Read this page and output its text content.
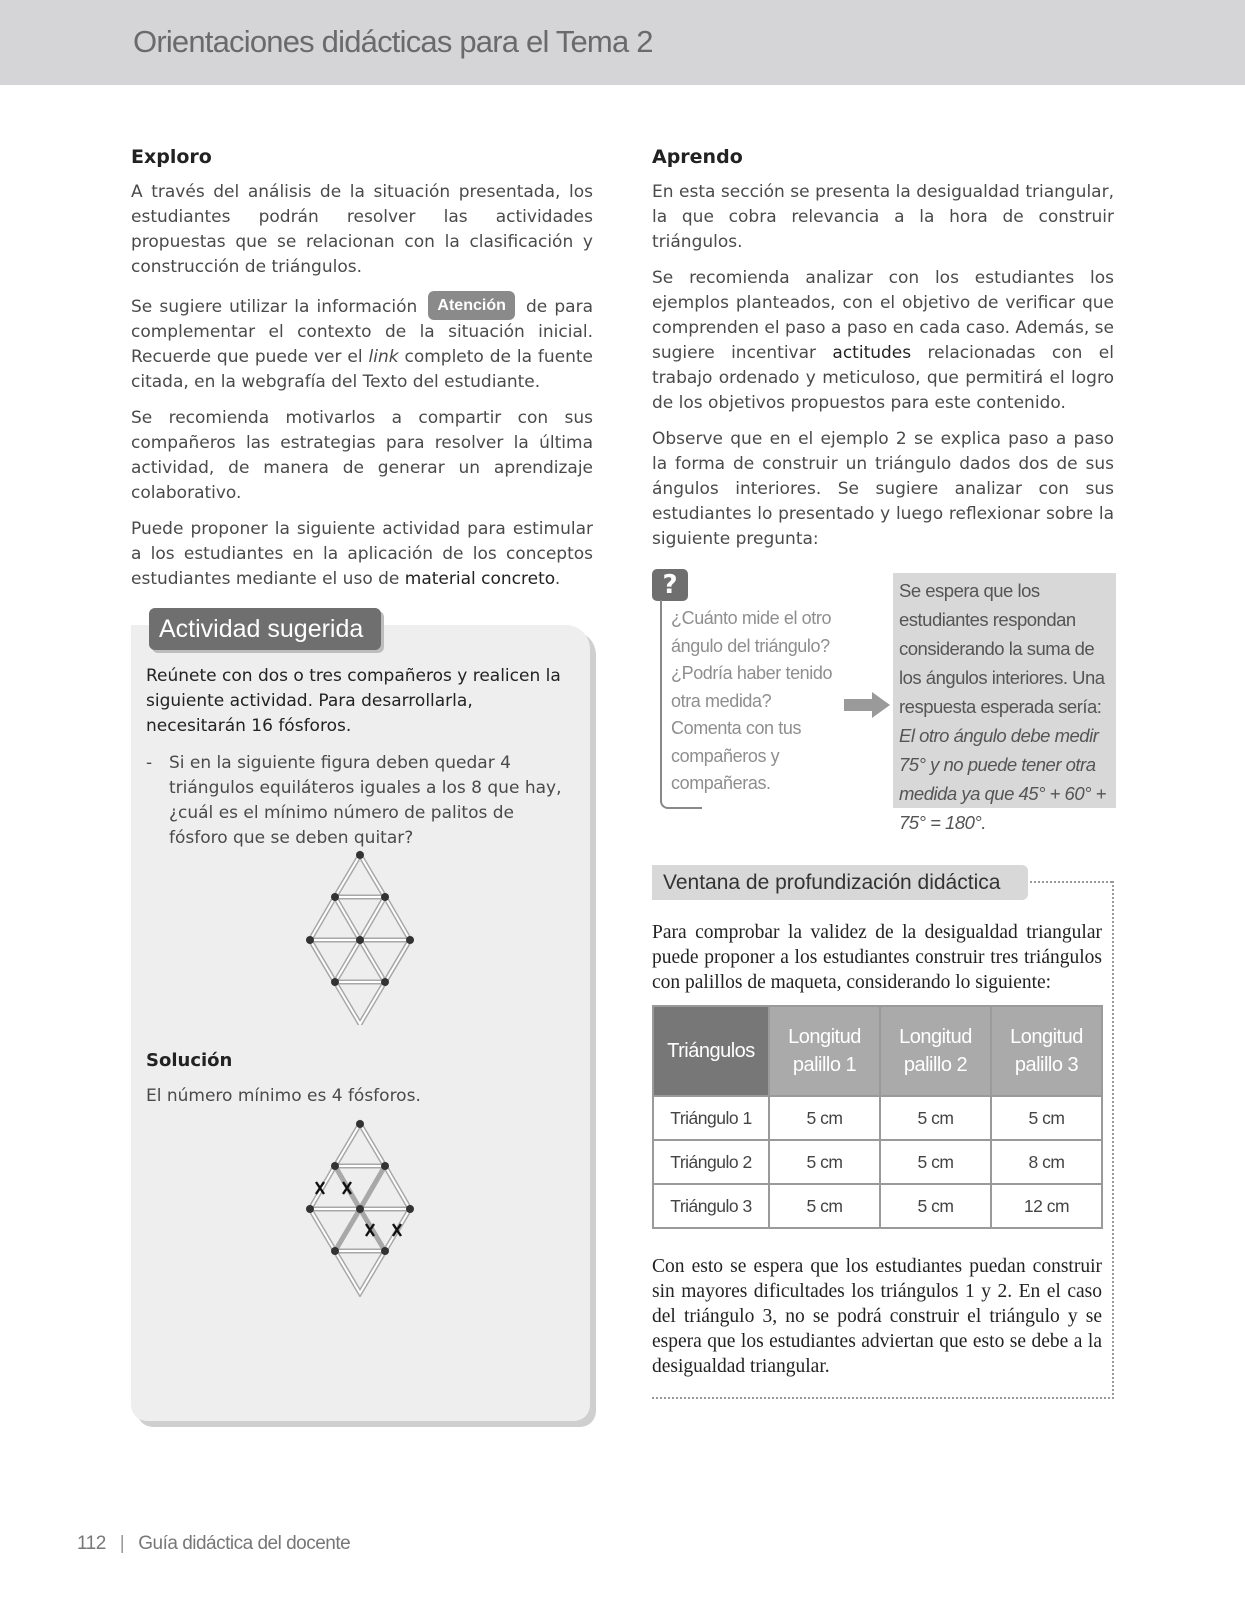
Orientaciones didácticas para el Tema 2
Exploro

A través del análisis de la situación presentada, los estudiantes podrán resolver las actividades propuestas que se relacionan con la clasificación y construcción de triángulos.

Se sugiere utilizar la información Atención de para complementar el contexto de la situación inicial. Recuerde que puede ver el link completo de la fuente citada, en la webgrafía del Texto del estudiante.

Se recomienda motivarlos a compartir con sus compañeros las estrategias para resolver la última actividad, de manera de generar un aprendizaje colaborativo.

Puede proponer la siguiente actividad para estimular a los estudiantes en la aplicación de los conceptos estudiantes mediante el uso de material concreto.

Actividad sugerida

Reúnete con dos o tres compañeros y realicen la siguiente actividad. Para desarrollarla, necesitarán 16 fósforos.

- Si en la siguiente figura deben quedar 4 triángulos equiláteros iguales a los 8 que hay, ¿cuál es el mínimo número de palitos de fósforo que se deben quitar?

Solución
El número mínimo es 4 fósforos.
Aprendo

En esta sección se presenta la desigualdad triangular, la que cobra relevancia a la hora de construir triángulos.

Se recomienda analizar con los estudiantes los ejemplos planteados, con el objetivo de verificar que comprenden el paso a paso en cada caso. Además, se sugiere incentivar actitudes relacionadas con el trabajo ordenado y meticuloso, que permitirá el logro de los objetivos propuestos para este contenido.

Observe que en el ejemplo 2 se explica paso a paso la forma de construir un triángulo dados dos de sus ángulos interiores. Se sugiere analizar con sus estudiantes lo presentado y luego reflexionar sobre la siguiente pregunta:

?
¿Cuánto mide el otro ángulo del triángulo? ¿Podría haber tenido otra medida? Comenta con tus compañeros y compañeras.
Se espera que los estudiantes respondan considerando la suma de los ángulos interiores. Una respuesta esperada sería: El otro ángulo debe medir 75° y no puede tener otra medida ya que 45° + 60° + 75° = 180°.
Ventana de profundización didáctica

Para comprobar la validez de la desigualdad triangular puede proponer a los estudiantes construir tres triángulos con palillos de maqueta, considerando lo siguiente:

Triángulos	Longitud palillo 1	Longitud palillo 2	Longitud palillo 3
Triángulo 1	5 cm	5 cm	5 cm
Triángulo 2	5 cm	5 cm	8 cm
Triángulo 3	5 cm	5 cm	12 cm

Con esto se espera que los estudiantes puedan construir sin mayores dificultades los triángulos 1 y 2. En el caso del triángulo 3, no se podrá construir el triángulo y se espera que los estudiantes adviertan que esto se debe a la desigualdad triangular.

112 | Guía didáctica del docente
